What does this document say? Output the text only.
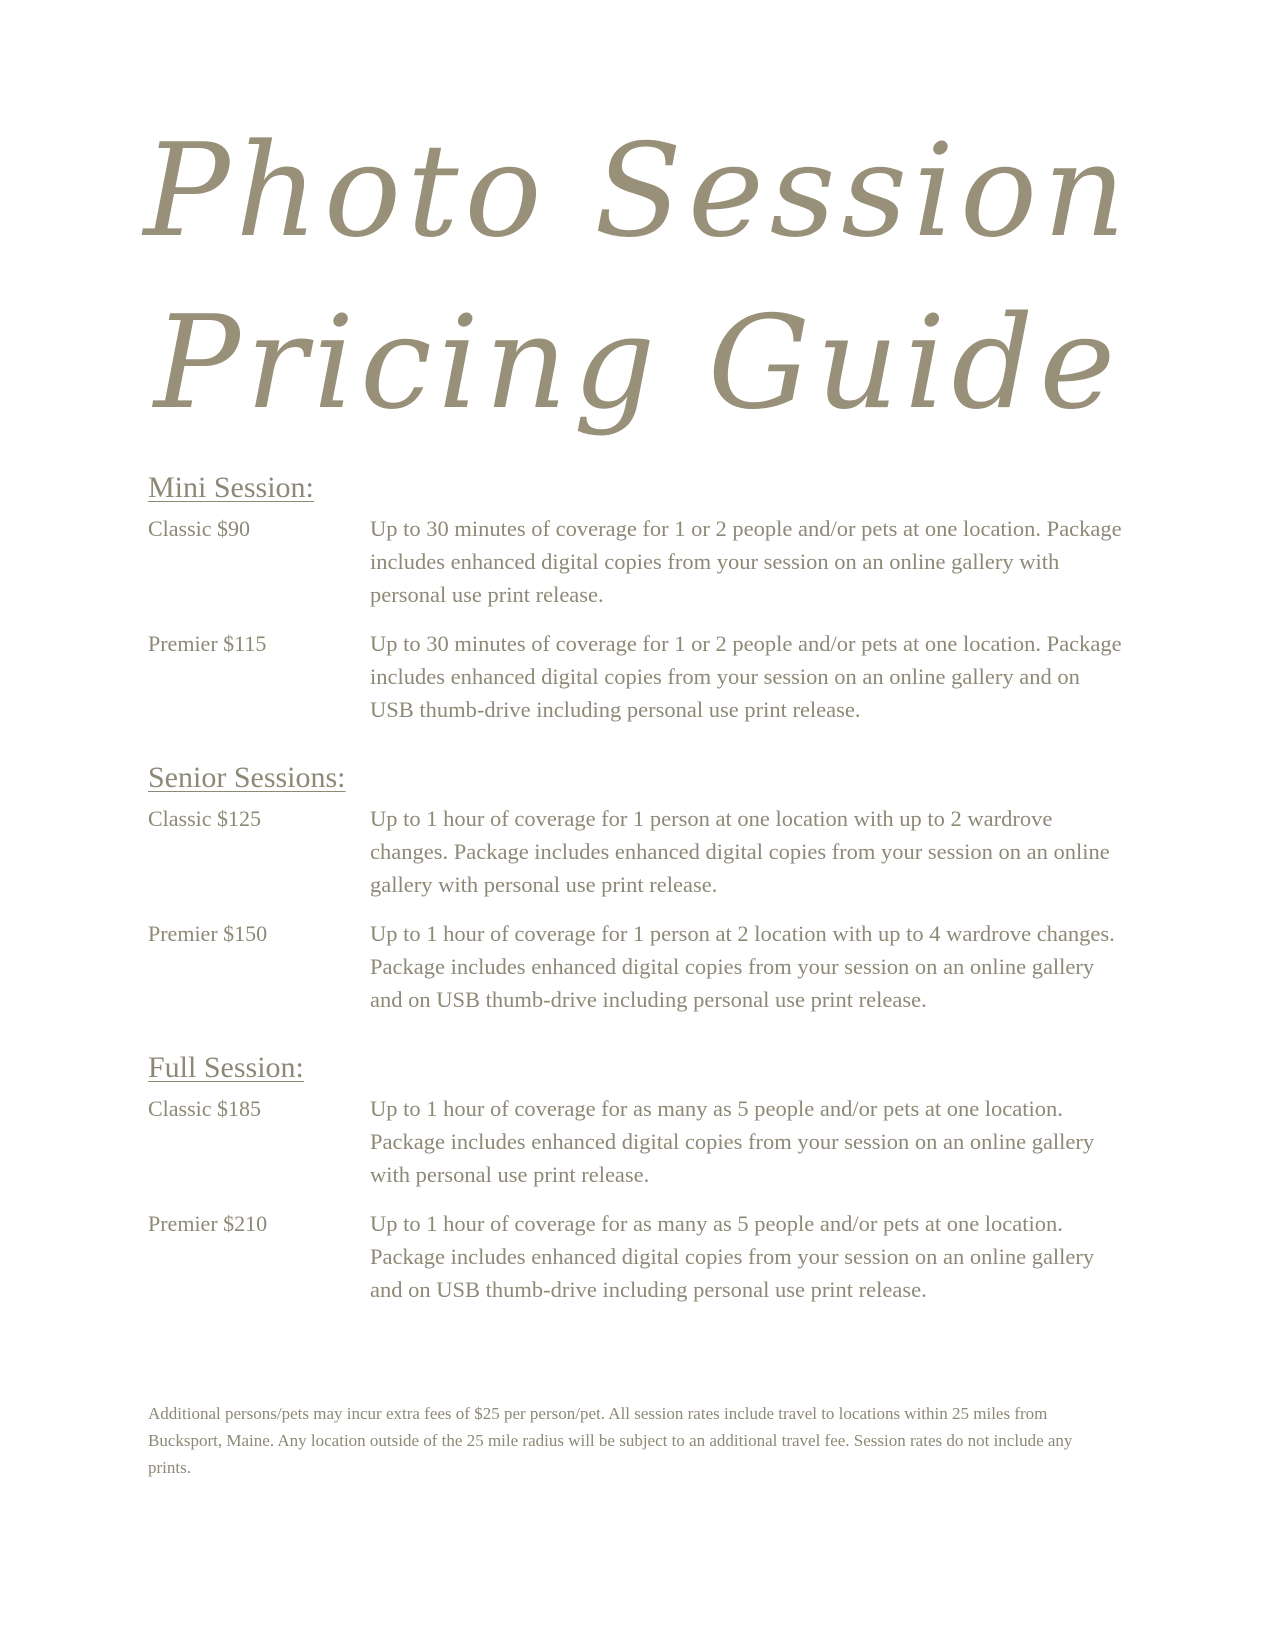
Photo Session
Pricing Guide
Mini Session:
Classic $90	Up to 30 minutes of coverage for 1 or 2 people and/or pets at one location. Package includes enhanced digital copies from your session on an online gallery with personal use print release.
Premier $115	Up to 30 minutes of coverage for 1 or 2 people and/or pets at one location. Package includes enhanced digital copies from your session on an online gallery and on USB thumb-drive including personal use print release.
Senior Sessions:
Classic $125	Up to 1 hour of coverage for 1 person at one location with up to 2 wardrove changes. Package includes enhanced digital copies from your session on an online gallery with personal use print release.
Premier $150	Up to 1 hour of coverage for 1 person at 2 location with up to 4 wardrove changes. Package includes enhanced digital copies from your session on an online gallery and on USB thumb-drive including personal use print release.
Full Session:
Classic $185	Up to 1 hour of coverage for as many as 5 people and/or pets at one location. Package includes enhanced digital copies from your session on an online gallery with personal use print release.
Premier $210	Up to 1 hour of coverage for as many as 5 people and/or pets at one location. Package includes enhanced digital copies from your session on an online gallery and on USB thumb-drive including personal use print release.
Additional persons/pets may incur extra fees of $25 per person/pet. All session rates include travel to locations within 25 miles from Bucksport, Maine. Any location outside of the 25 mile radius will be subject to an additional travel fee. Session rates do not include any prints.
